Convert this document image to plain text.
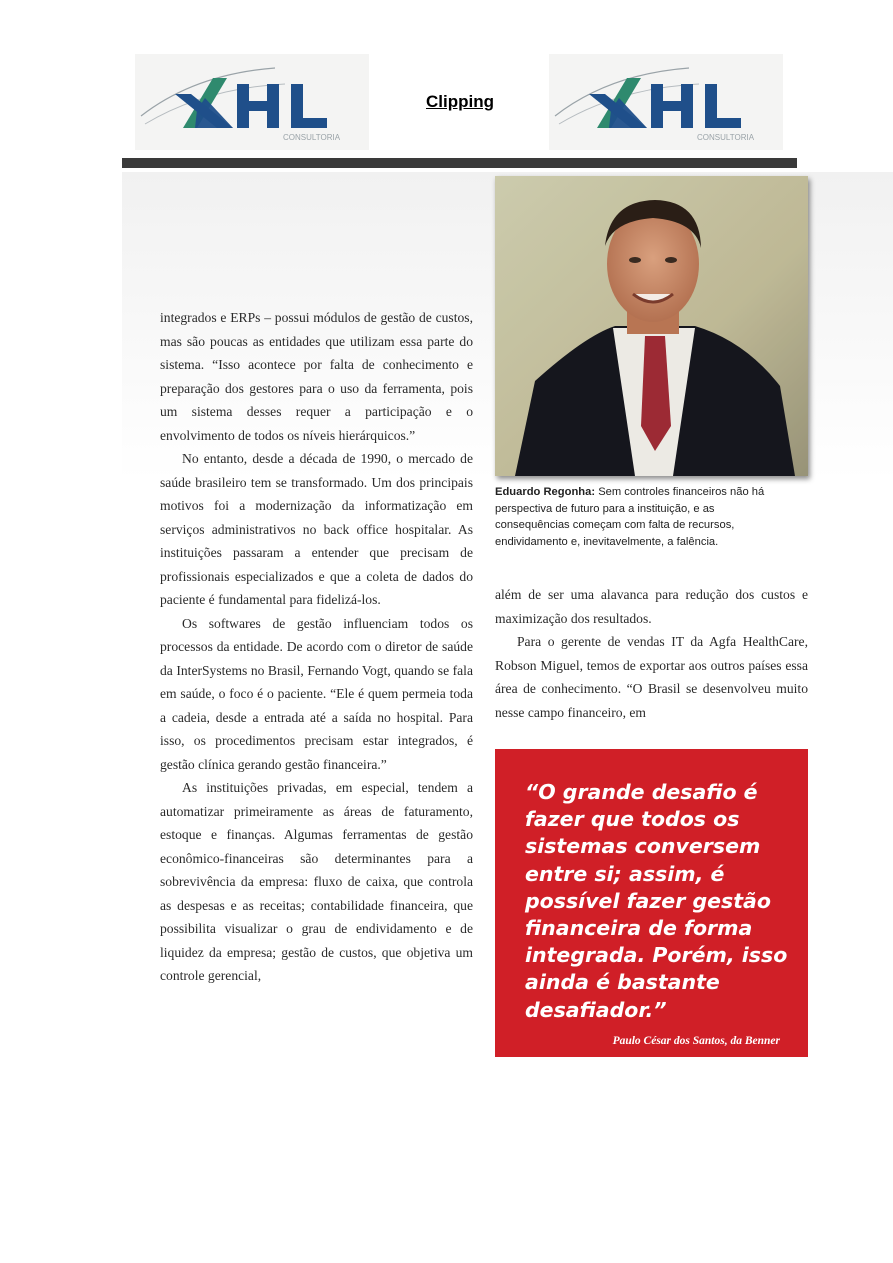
CONSULTORIA
Clipping
CONSULTORIA

integrados e ERPs – possui módulos de gestão de custos, mas são poucas as entidades que utilizam essa parte do sistema. “Isso acontece por falta de conhecimento e preparação dos gestores para o uso da ferramenta, pois um sistema desses requer a participação e o envolvimento de todos os níveis hierárquicos.”

No entanto, desde a década de 1990, o mercado de saúde brasileiro tem se transformado. Um dos principais motivos foi a modernização da informatização em serviços administrativos no back office hospitalar. As instituições passaram a entender que precisam de profissionais especializados e que a coleta de dados do paciente é fundamental para fidelizá-los.

Os softwares de gestão influenciam todos os processos da entidade. De acordo com o diretor de saúde da InterSystems no Brasil, Fernando Vogt, quando se fala em saúde, o foco é o paciente. “Ele é quem permeia toda a cadeia, desde a entrada até a saída no hospital. Para isso, os procedimentos precisam estar integrados, é gestão clínica gerando gestão financeira.”

As instituições privadas, em especial, tendem a automatizar primeiramente as áreas de faturamento, estoque e finanças. Algumas ferramentas de gestão econômico-financeiras são determinantes para a sobrevivência da empresa: fluxo de caixa, que controla as despesas e as receitas; contabilidade financeira, que possibilita visualizar o grau de endividamento e de liquidez da empresa; gestão de custos, que objetiva um controle gerencial,

Eduardo Regonha: Sem controles financeiros não há perspectiva de futuro para a instituição, e as consequências começam com falta de recursos, endividamento e, inevitavelmente, a falência.

além de ser uma alavanca para redução dos custos e maximização dos resultados.

Para o gerente de vendas IT da Agfa HealthCare, Robson Miguel, temos de exportar aos outros países essa área de conhecimento. “O Brasil se desenvolveu muito nesse campo financeiro, em

“O grande desafio é fazer que todos os sistemas conversem entre si; assim, é possível fazer gestão financeira de forma integrada. Porém, isso ainda é bastante desafiador.”
Paulo César dos Santos, da Benner
